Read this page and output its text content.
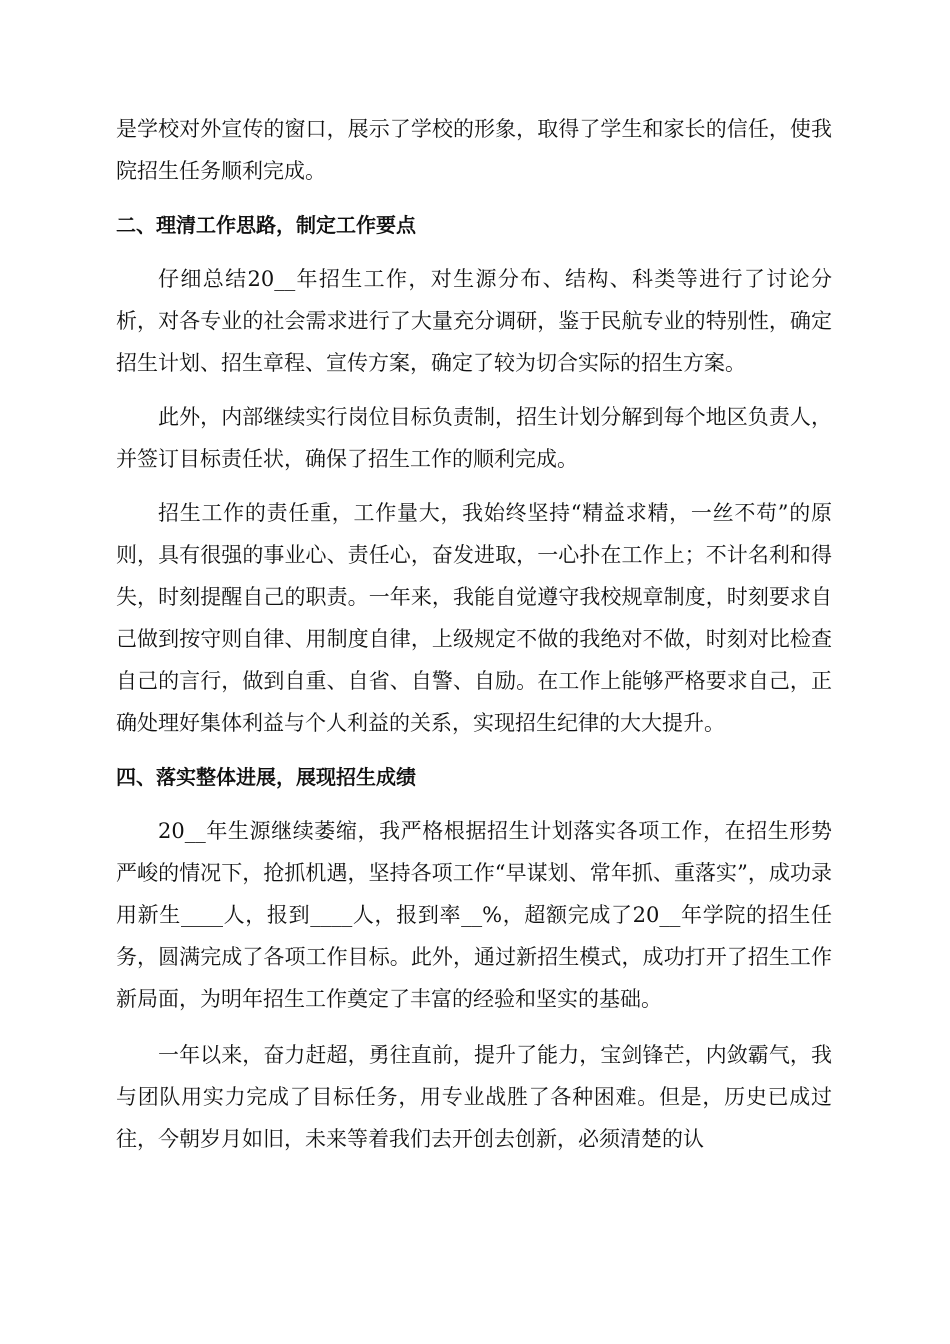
是学校对外宣传的窗口，展示了学校的形象，取得了学生和家长的信任，使我院招生任务顺利完成。

二、理清工作思路，制定工作要点

仔细总结20__年招生工作，对生源分布、结构、科类等进行了讨论分析，对各专业的社会需求进行了大量充分调研，鉴于民航专业的特别性，确定招生计划、招生章程、宣传方案，确定了较为切合实际的招生方案。

此外，内部继续实行岗位目标负责制，招生计划分解到每个地区负责人，并签订目标责任状，确保了招生工作的顺利完成。

招生工作的责任重，工作量大，我始终坚持“精益求精，一丝不苟”的原则，具有很强的事业心、责任心，奋发进取，一心扑在工作上；不计名利和得失，时刻提醒自己的职责。一年来，我能自觉遵守我校规章制度，时刻要求自己做到按守则自律、用制度自律，上级规定不做的我绝对不做，时刻对比检查自己的言行，做到自重、自省、自警、自励。在工作上能够严格要求自己，正确处理好集体利益与个人利益的关系，实现招生纪律的大大提升。

四、落实整体进展，展现招生成绩

20__年生源继续萎缩，我严格根据招生计划落实各项工作，在招生形势严峻的情况下，抢抓机遇，坚持各项工作“早谋划、常年抓、重落实”，成功录用新生____人，报到____人，报到率__%，超额完成了20__年学院的招生任务，圆满完成了各项工作目标。此外，通过新招生模式，成功打开了招生工作新局面，为明年招生工作奠定了丰富的经验和坚实的基础。

一年以来，奋力赶超，勇往直前，提升了能力，宝剑锋芒，内敛霸气，我与团队用实力完成了目标任务，用专业战胜了各种困难。但是，历史已成过往，今朝岁月如旧，未来等着我们去开创去创新，必须清楚的认
